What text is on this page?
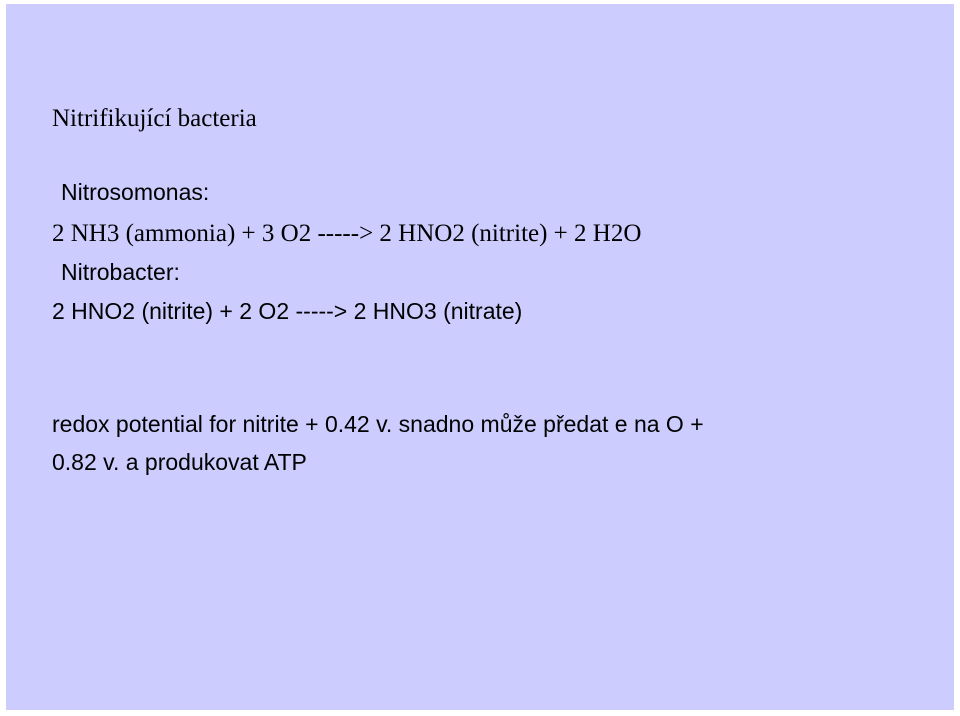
Nitrifikující bacteria
Nitrosomonas:
2 NH3 (ammonia) + 3 O2 -----> 2 HNO2 (nitrite) + 2 H2O
Nitrobacter:
2 HNO2 (nitrite) + 2 O2 -----> 2 HNO3 (nitrate)
redox potential for nitrite + 0.42 v. snadno může předat e na O +
0.82 v. a produkovat ATP
